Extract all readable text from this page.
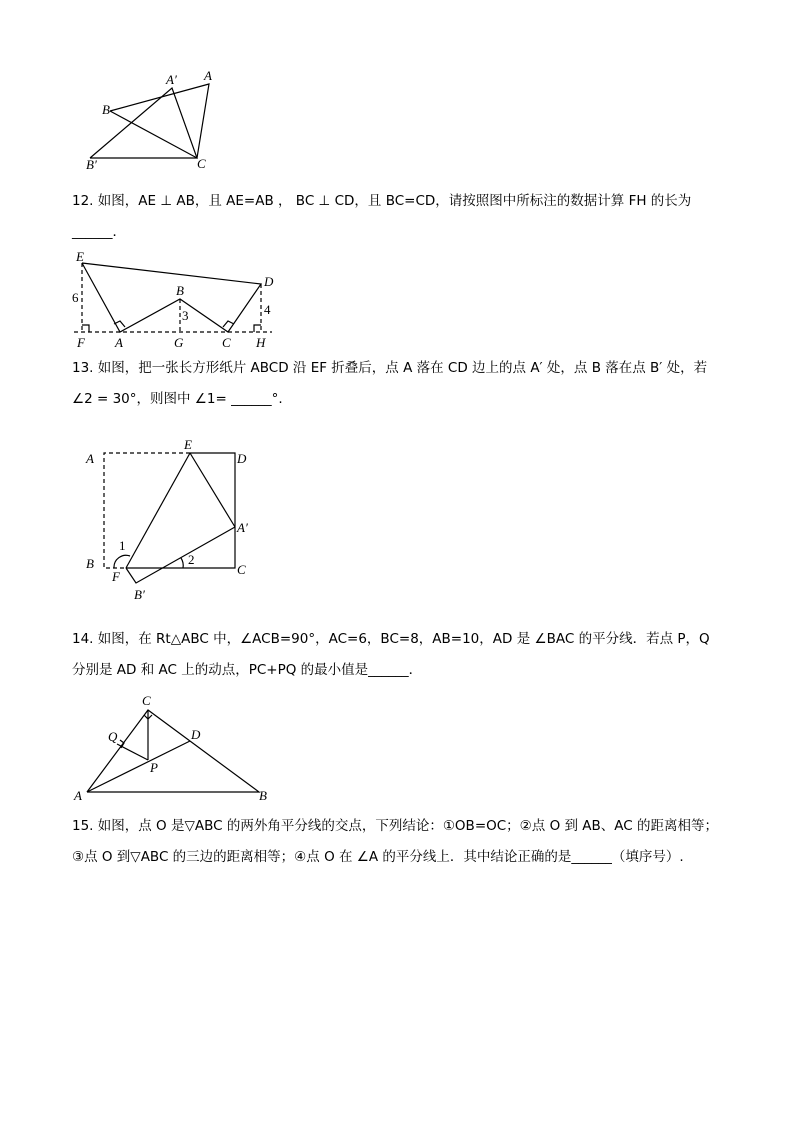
A′ A
B
B′	C
12. 如图，AE ⊥ AB，且 AE=AB ， BC ⊥ CD，且 BC=CD，请按照图中所标注的数据计算 FH 的长为______．
E
D
B
A	G	C
F	H
6
4
3
13. 如图，把一张长方形纸片 ABCD 沿 EF 折叠后，点 A 落在 CD 边上的点 A′ 处，点 B 落在点 B′ 处，若 ∠2 = 30°，则图中 ∠1= ______°.
A
E
D
A′
B
F	C
B′
1
2
14. 如图，在 Rt△ABC 中，∠ACB=90°，AC=6，BC=8，AB=10，AD 是 ∠BAC 的平分线．若点 P，Q 分别是 AD 和 AC 上的动点，PC+PQ 的最小值是______．
C
Q	D
P
A	B
15. 如图，点 O 是▽ABC 的两外角平分线的交点，下列结论：①OB=OC；②点 O 到 AB、AC 的距离相等；③点 O 到▽ABC 的三边的距离相等；④点 O 在 ∠A 的平分线上．其中结论正确的是______（填序号）.
